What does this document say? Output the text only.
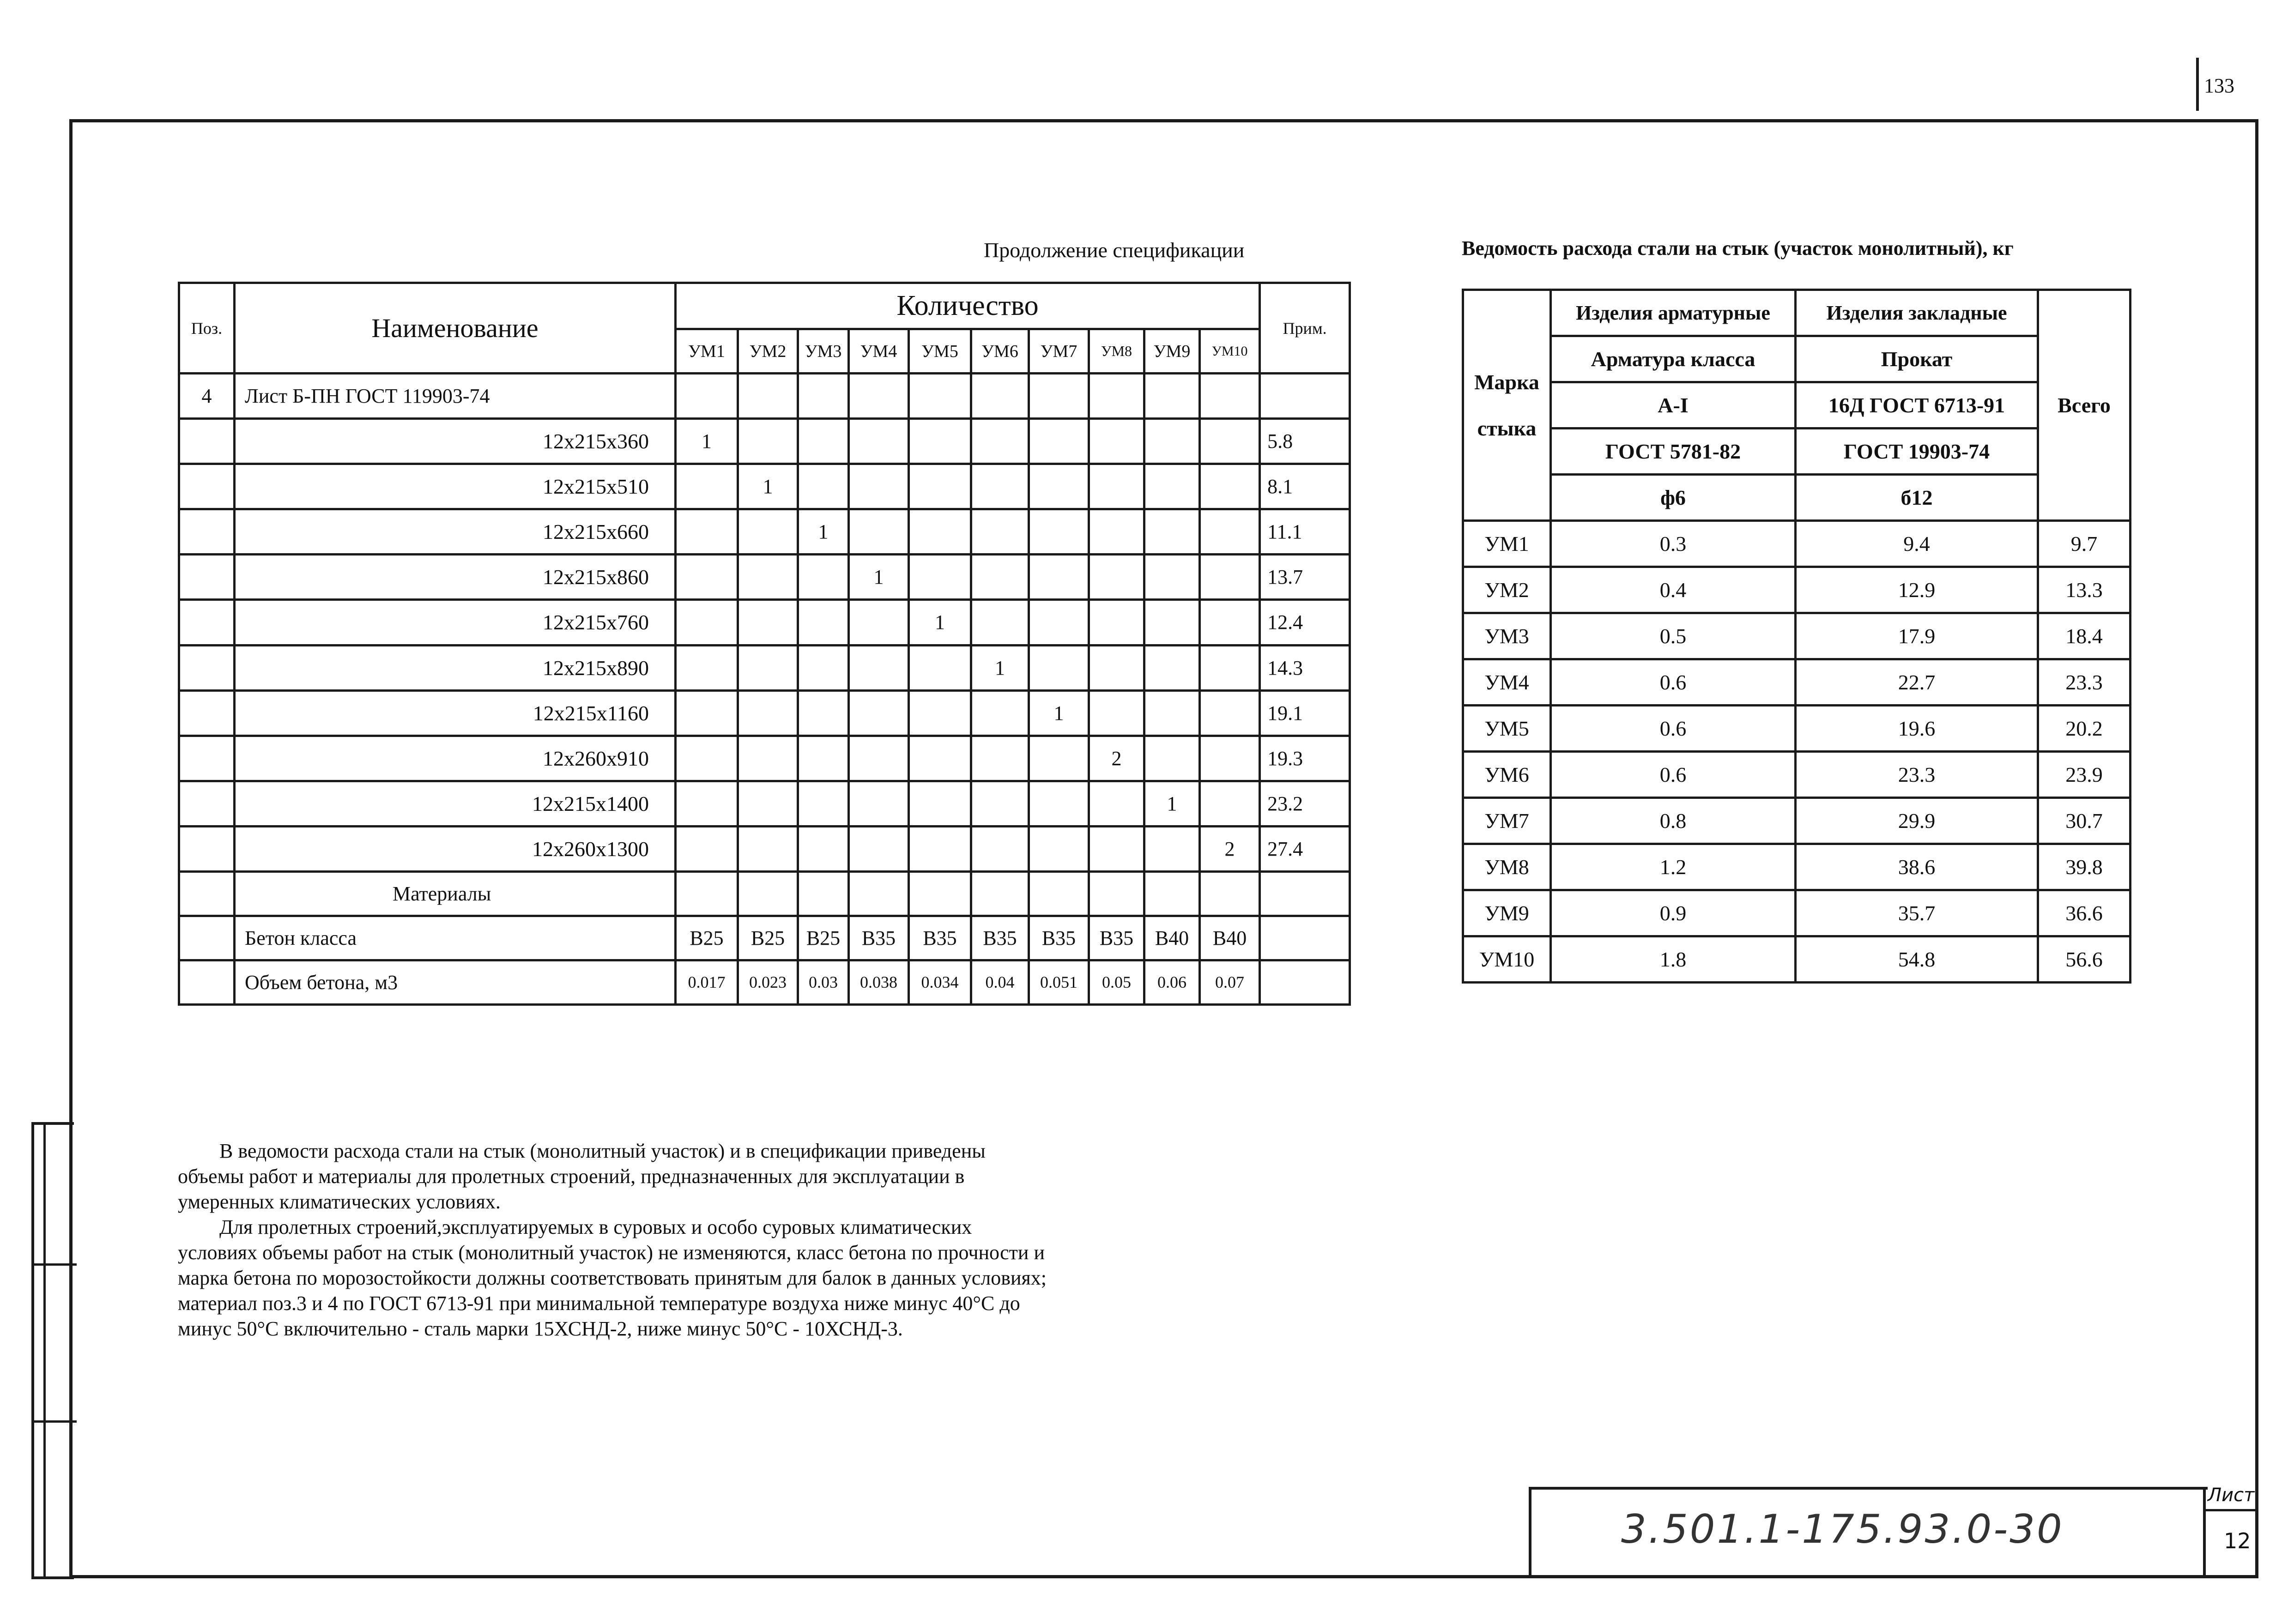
133
Продолжение спецификации
Поз.	Наименование	Количество										Прим.
		УМ1	УМ2	УМ3	УМ4	УМ5	УМ6	УМ7	УМ8	УМ9	УМ10	
4	Лист Б-ПН ГОСТ 119903-74											
	12х215х360	1										5.8
	12х215х510		1									8.1
	12х215х660			1								11.1
	12х215х860				1							13.7
	12х215х760					1						12.4
	12х215х890						1					14.3
	12х215х1160							1				19.1
	12х260х910								2			19.3
	12х215х1400									1		23.2
	12х260х1300										2	27.4
	Материалы											
	Бетон класса	В25	В25	В25	В35	В35	В35	В35	В35	В40	В40	
	Объем бетона, м3	0.017	0.023	0.03	0.038	0.034	0.04	0.051	0.05	0.06	0.07	
Ведомость расхода стали на стык (участок монолитный), кг
Марка
стыка	Изделия арматурные	Изделия закладные	Всего
	Арматура класса	Прокат	
	А-I	16Д ГОСТ 6713-91	
	ГОСТ 5781-82	ГОСТ 19903-74	
	ф6	б12	
УМ1	0.3	9.4	9.7
УМ2	0.4	12.9	13.3
УМ3	0.5	17.9	18.4
УМ4	0.6	22.7	23.3
УМ5	0.6	19.6	20.2
УМ6	0.6	23.3	23.9
УМ7	0.8	29.9	30.7
УМ8	1.2	38.6	39.8
УМ9	0.9	35.7	36.6
УМ10	1.8	54.8	56.6

В ведомости расхода стали на стык (монолитный участок) и в спецификации приведены объемы работ и материалы для пролетных строений, предназначенных для эксплуатации в умеренных климатических условиях.

Для пролетных строений,эксплуатируемых в суровых и особо суровых климатических условиях объемы работ на стык (монолитный участок) не изменяются, класс бетона по прочности и марка бетона по морозостойкости должны соответствовать принятым для балок в данных условиях; материал поз.3 и 4 по ГОСТ 6713-91 при минимальной температуре воздуха ниже минус 40°С до минус 50°С включительно - сталь марки 15ХСНД-2, ниже минус 50°С - 10ХСНД-3.

3.501.1-175.93.0-30
Лист
12
